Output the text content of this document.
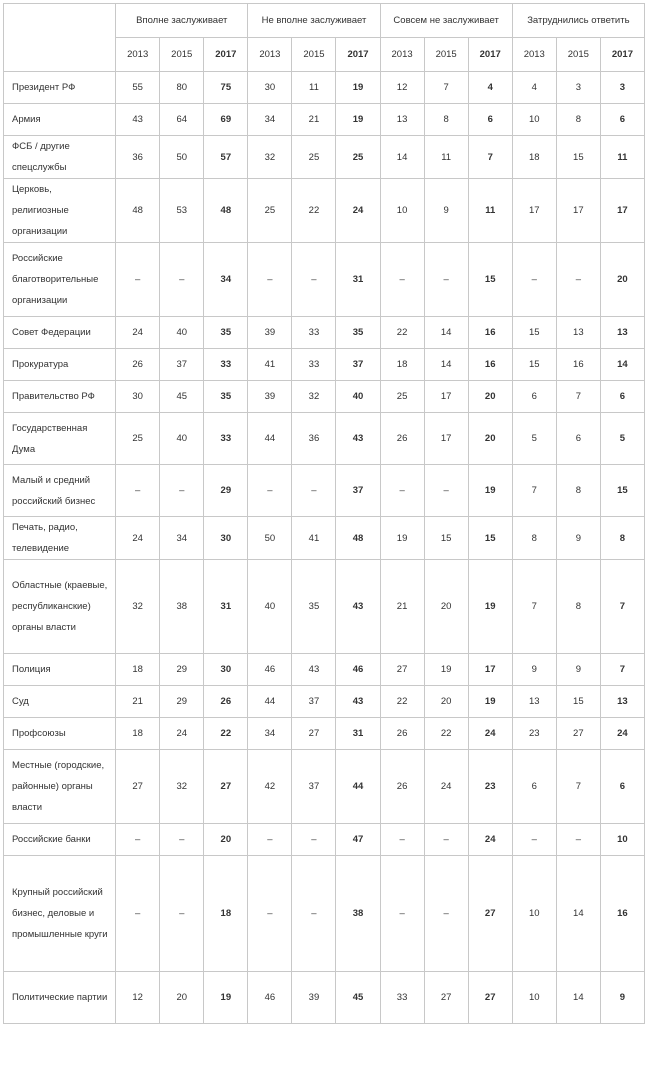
	Вполне заслуживает			Не вполне заслуживает			Совсем не заслуживает			Затруднились ответить		
	2013	2015	2017	2013	2015	2017	2013	2015	2017	2013	2015	2017
Президент РФ	55	80	75	30	11	19	12	7	4	4	3	3
Армия	43	64	69	34	21	19	13	8	6	10	8	6
ФСБ / другие спецслужбы	36	50	57	32	25	25	14	11	7	18	15	11
Церковь, религиозные организации	48	53	48	25	22	24	10	9	11	17	17	17
Российские благотворительные организации	–	–	34	–	–	31	–	–	15	–	–	20
Совет Федерации	24	40	35	39	33	35	22	14	16	15	13	13
Прокуратура	26	37	33	41	33	37	18	14	16	15	16	14
Правительство РФ	30	45	35	39	32	40	25	17	20	6	7	6
Государственная Дума	25	40	33	44	36	43	26	17	20	5	6	5
Малый и средний российский бизнес	–	–	29	–	–	37	–	–	19	7	8	15
Печать, радио, телевидение	24	34	30	50	41	48	19	15	15	8	9	8
Областные (краевые, республиканские) органы власти	32	38	31	40	35	43	21	20	19	7	8	7
Полиция	18	29	30	46	43	46	27	19	17	9	9	7
Суд	21	29	26	44	37	43	22	20	19	13	15	13
Профсоюзы	18	24	22	34	27	31	26	22	24	23	27	24
Местные (городские, районные) органы власти	27	32	27	42	37	44	26	24	23	6	7	6
Российские банки	–	–	20	–	–	47	–	–	24	–	–	10
Крупный российский бизнес, деловые и промышленные круги	–	–	18	–	–	38	–	–	27	10	14	16
Политические партии	12	20	19	46	39	45	33	27	27	10	14	9
